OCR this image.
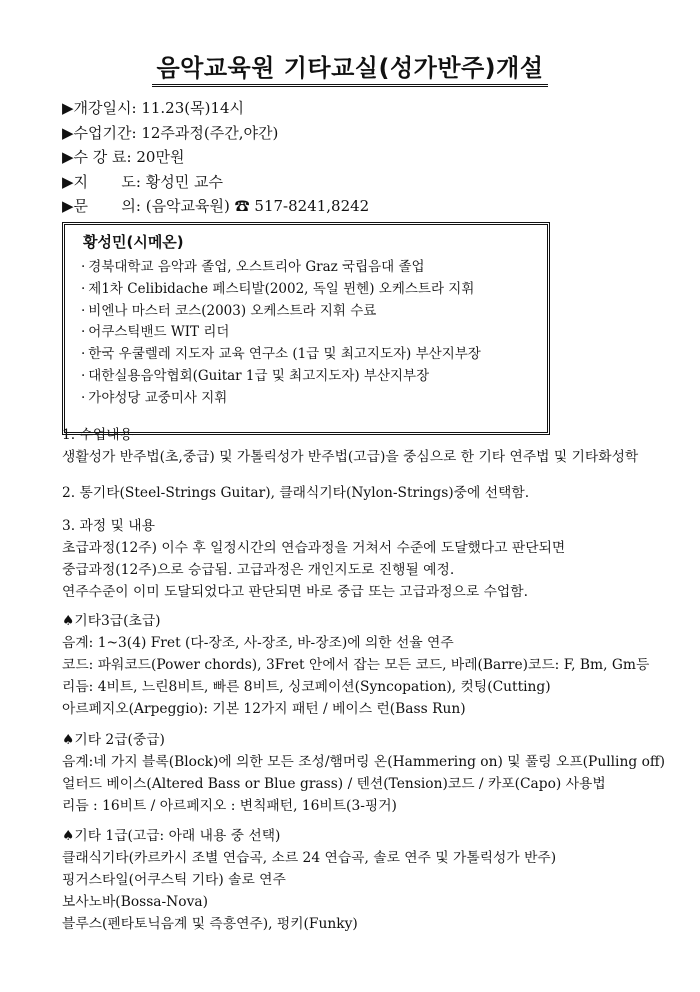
음악교육원 기타교실(성가반주)개설
▶개강일시: 11.23(목)14시
▶수업기간: 12주과정(주간,야간)
▶수 강 료: 20만원
▶지       도: 황성민 교수
▶문       의: (음악교육원) ☎ 517-8241,8242
황성민(시메온)
· 경북대학교 음악과 졸업, 오스트리아 Graz 국립음대 졸업
· 제1차 Celibidache 페스티발(2002, 독일 뮌헨) 오케스트라 지휘
· 비엔나 마스터 코스(2003) 오케스트라 지휘 수료
· 어쿠스틱밴드 WIT 리더
· 한국 우쿨렐레 지도자 교육 연구소 (1급 및 최고지도자) 부산지부장
· 대한실용음악협회(Guitar 1급 및 최고지도자) 부산지부장
· 가야성당 교중미사 지휘
1. 수업내용
생활성가 반주법(초,중급) 및 가톨릭성가 반주법(고급)을 중심으로 한 기타 연주법 및 기타화성학
2. 통기타(Steel-Strings Guitar), 클래식기타(Nylon-Strings)중에 선택함.
3. 과정 및 내용
초급과정(12주) 이수 후 일정시간의 연습과정을 거쳐서 수준에 도달했다고 판단되면
중급과정(12주)으로 승급됨. 고급과정은 개인지도로 진행될 예정.
연주수준이 이미 도달되었다고 판단되면 바로 중급 또는 고급과정으로 수업함.
♠기타3급(초급)
음계: 1~3(4) Fret (다-장조, 사-장조, 바-장조)에 의한 선율 연주
코드: 파워코드(Power chords), 3Fret 안에서 잡는 모든 코드, 바레(Barre)코드: F, Bm, Gm등
리듬: 4비트, 느린8비트, 빠른 8비트, 싱코페이션(Syncopation), 컷팅(Cutting)
아르페지오(Arpeggio): 기본 12가지 패턴 / 베이스 런(Bass Run)
♠기타 2급(중급)
음계:네 가지 블록(Block)에 의한 모든 조성/햄머링 온(Hammering on) 및 풀링 오프(Pulling off)
얼터드 베이스(Altered Bass or Blue grass) / 텐션(Tension)코드 / 카포(Capo) 사용법
리듬 : 16비트 / 아르페지오 : 변칙패턴, 16비트(3-핑거)
♠기타 1급(고급: 아래 내용 중 선택)
클래식기타(카르카시 조별 연습곡, 소르 24 연습곡, 솔로 연주 및 가톨릭성가 반주)
핑거스타일(어쿠스틱 기타) 솔로 연주
보사노바(Bossa-Nova)
블루스(펜타토닉음계 및 즉흥연주), 펑키(Funky)
